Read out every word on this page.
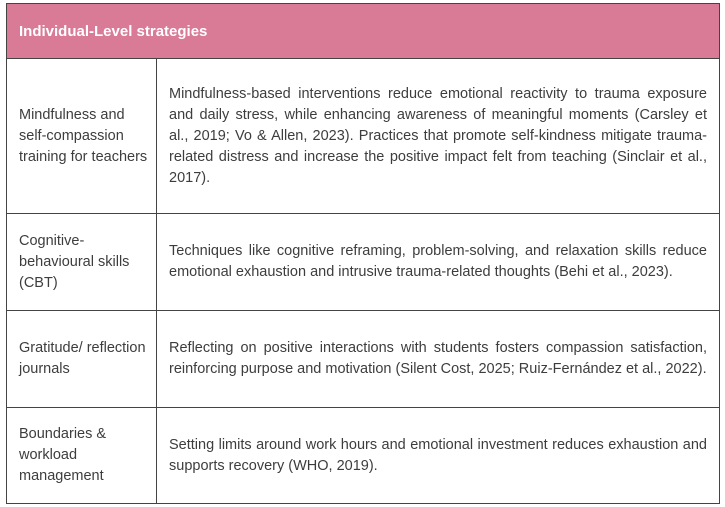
Individual-Level strategies	
Mindfulness and self-compassion training for teachers	Mindfulness-based interventions reduce emotional reactivity to trauma exposure and daily stress, while enhancing awareness of meaningful moments (Carsley et al., 2019; Vo & Allen, 2023). Practices that promote self-kindness mitigate trauma-related distress and increase the positive impact felt from teaching (Sinclair et al., 2017).
Cognitive-behavioural skills (CBT)	Techniques like cognitive reframing, problem-solving, and relaxation skills reduce emotional exhaustion and intrusive trauma-related thoughts (Behi et al., 2023).
Gratitude/ reflection journals	Reflecting on positive interactions with students fosters compassion satisfaction, reinforcing purpose and motivation (Silent Cost, 2025; Ruiz-Fernández et al., 2022).
Boundaries & workload management	Setting limits around work hours and emotional investment reduces exhaustion and supports recovery (WHO, 2019).
